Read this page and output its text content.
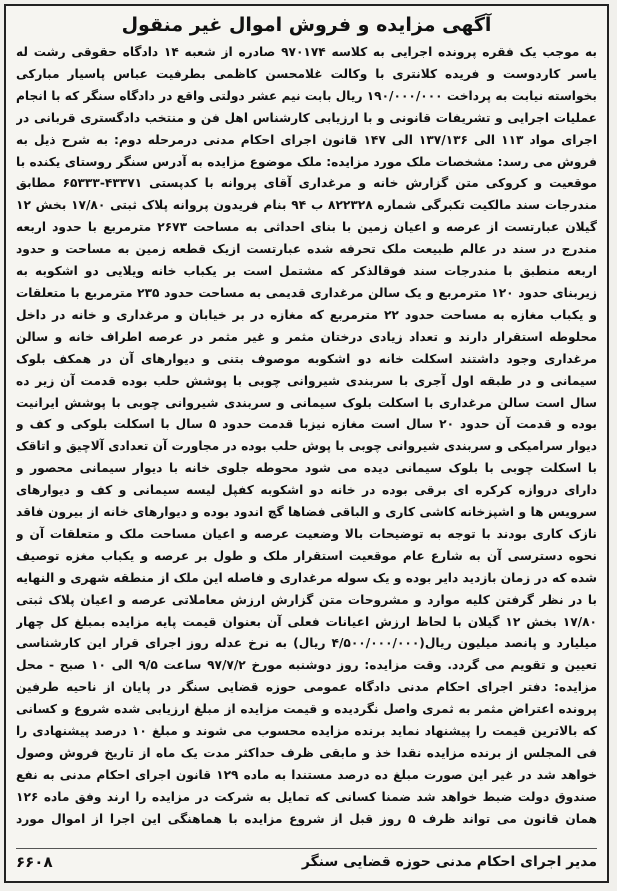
آگهی مزایده و فروش اموال غیر منقول
به موجب یک فقره پرونده اجرایی به کلاسه ۹۷۰۱۷۴ صادره از شعبه ۱۴ دادگاه حقوقی رشت له یاسر کاردوست و فریده کلانتری با وکالت غلامحسن کاظمی بطرفیت عباس پاسیار مبارکی بخواسته نیابت به پرداخت ۱۹۰/۰۰۰/۰۰۰ ریال بابت نیم عشر دولتی واقع در دادگاه سنگر که با انجام عملیات اجرایی و تشریفات قانونی و با ارزیابی کارشناس اهل فن و منتخب دادگستری قربانی در اجرای مواد ۱۱۳ الی ۱۳۷/۱۳۶ الی ۱۴۷ قانون اجرای احکام مدنی درمرحله دوم: به شرح ذیل به فروش می رسد: مشخصات ملک مورد مزایده: ملک موضوع مزایده به آدرس سنگر روستای یکنده با موقعیت و کروکی متن گزارش خانه و مرغداری آقای پروانه با کدپستی ۴۳۳۷۱-۶۵۳۳۳ مطابق مندرجات سند مالکیت تکبرگی شماره ۸۲۲۳۲۸ ب ۹۴ بنام فریدون پروانه پلاک ثبتی ۱۷/۸۰ بخش ۱۲ گیلان عبارتست از عرصه و اعیان زمین با بنای احداثی به مساحت ۲۶۷۳ مترمربع با حدود اربعه مندرج در سند در عالم طبیعت ملک تحرفه شده عبارتست ازیک قطعه زمین به مساحت و حدود اربعه منطبق با مندرجات سند فوقالذکر که مشتمل است بر یکباب خانه ویلایی دو اشکوبه به زیربنای حدود ۱۲۰ مترمربع و یک سالن مرغداری قدیمی به مساحت حدود ۲۳۵ مترمربع با متعلقات و یکباب مغازه به مساحت حدود ۲۲ مترمربع که مغازه در بر خیابان و مرغداری و خانه در داخل محلوطه استقرار دارند و تعداد زیادی درختان مثمر و غیر مثمر در عرصه اطراف خانه و سالن مرغداری وجود داشتند اسکلت خانه دو اشکوبه موصوف بتنی و دیوارهای آن در همکف بلوک سیمانی و در طبقه اول آجری با سربندی شیروانی چوبی با پوشش حلب بوده قدمت آن زیر ده سال است سالن مرغداری با اسکلت بلوک سیمانی و سربندی شیروانی چوبی با پوشش ایرانیت بوده و قدمت آن حدود ۲۰ سال است مغازه نیزبا قدمت حدود ۵ سال با اسکلت بلوکی و کف و دیوار سرامیکی و سربندی شیروانی چوبی با پوش حلب بوده در مجاورت آن تعدادی آلاچیق و اتاقک با اسکلت چوبی با بلوک سیمانی دیده می شود محوطه جلوی خانه با دیوار سیمانی محصور و دارای دروازه کرکره ای برقی بوده در خانه دو اشکوبه کفپل لیسه سیمانی و کف و دیوارهای سرویس ها و اشپزخانه کاشی کاری و الباقی فضاها گچ اندود بوده و دیوارهای خانه از بیرون فاقد نازک کاری بودند با توجه به توضیحات بالا وضعیت عرصه و اعیان مساحت ملک و متعلقات آن و نحوه دسترسی آن به شارع عام موقعیت استقرار ملک و طول بر عرصه و یکباب مغزه توصیف شده که در زمان بازدید دایر بوده و یک سوله مرغداری و فاصله این ملک از منطقه شهری و النهایه با در نظر گرفتن کلیه موارد و مشروحات متن گزارش ارزش معاملاتی عرصه و اعیان پلاک ثبتی ۱۷/۸۰ بخش ۱۲ گیلان با لحاظ ارزش اعیانات فعلی آن بعنوان قیمت پایه مزایده بمبلغ کل چهار میلیارد و پانصد میلیون ریال(۴/۵۰۰/۰۰۰/۰۰۰ ریال) به نرخ عدله روز اجرای قرار این کارشناسی تعیین و تقویم می گردد. وقت مزایده: روز دوشنبه مورخ ۹۷/۷/۲ ساعت ۹/۵ الی ۱۰ صبح - محل مزایده: دفتر اجرای احکام مدنی دادگاه عمومی حوزه قضایی سنگر در پایان از ناحیه طرفین پرونده اعتراض مثمر به ثمری واصل نگردیده و قیمت مزایده از مبلغ ارزیابی شده شروع و کسانی که بالاترین قیمت را پیشنهاد نماید برنده مزایده محسوب می شوند و مبلغ ۱۰ درصد پیشنهادی را فی المجلس از برنده مزایده نقدا خذ و مابقی ظرف حداکثر مدت یک ماه از تاریخ فروش وصول خواهد شد در غیر این صورت مبلغ ده درصد مستندا به ماده ۱۲۹ قانون اجرای احکام مدنی به نفع صندوق دولت ضبط خواهد شد ضمنا کسانی که تمایل به شرکت در مزایده را ارند وفق ماده ۱۲۶ همان قانون می تواند ظرف ۵ روز قبل از شروع مزایده با هماهنگی این اجرا از اموال مورد
مدیر اجرای احکام مدنی حوزه قضایی سنگر
۶۶۰۸
